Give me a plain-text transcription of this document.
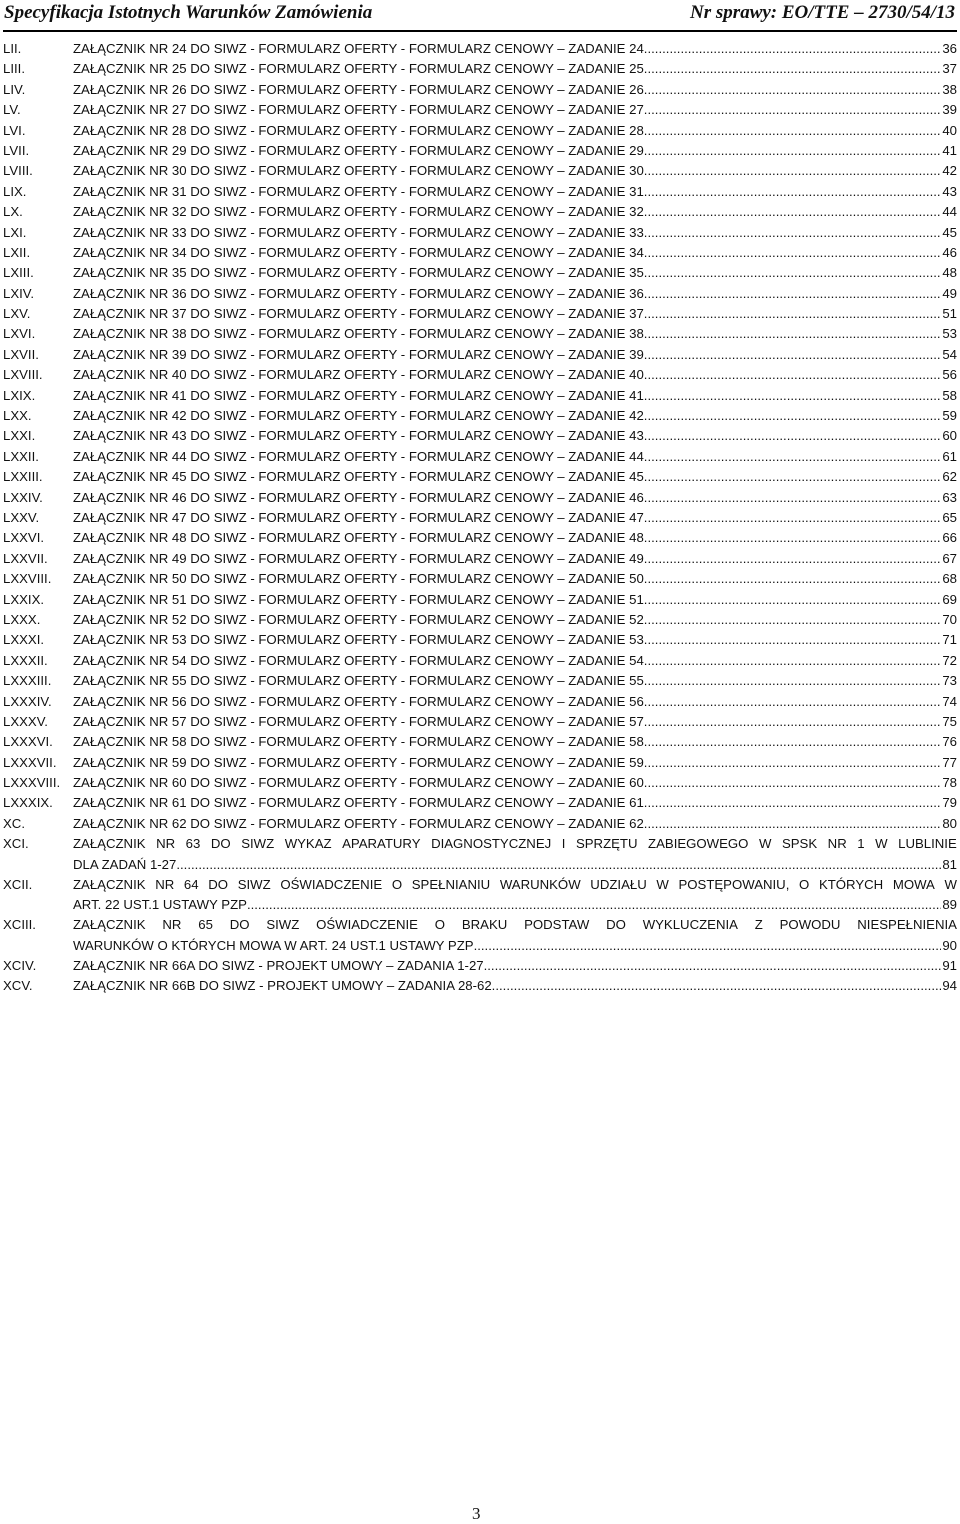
Specyfikacja Istotnych Warunków Zamówienia	Nr sprawy: EO/TTE – 2730/54/13
LII.	ZAŁĄCZNIK NR 24 DO SIWZ - FORMULARZ OFERTY - FORMULARZ CENOWY – ZADANIE 24. .....	36
LIII.	ZAŁĄCZNIK NR 25 DO SIWZ - FORMULARZ OFERTY - FORMULARZ CENOWY – ZADANIE 25. .....	37
LIV.	ZAŁĄCZNIK NR 26 DO SIWZ - FORMULARZ OFERTY - FORMULARZ CENOWY – ZADANIE 26. .....	38
LV.	ZAŁĄCZNIK NR 27 DO SIWZ - FORMULARZ OFERTY - FORMULARZ CENOWY – ZADANIE 27. .....	39
LVI.	ZAŁĄCZNIK NR 28 DO SIWZ - FORMULARZ OFERTY - FORMULARZ CENOWY – ZADANIE 28. .....	40
LVII.	ZAŁĄCZNIK NR 29 DO SIWZ - FORMULARZ OFERTY - FORMULARZ CENOWY – ZADANIE 29. .....	41
LVIII.	ZAŁĄCZNIK NR 30 DO SIWZ - FORMULARZ OFERTY - FORMULARZ CENOWY – ZADANIE 30. .....	42
LIX.	ZAŁĄCZNIK NR 31 DO SIWZ - FORMULARZ OFERTY - FORMULARZ CENOWY – ZADANIE 31. .....	43
LX.	ZAŁĄCZNIK NR 32 DO SIWZ - FORMULARZ OFERTY - FORMULARZ CENOWY – ZADANIE 32. .....	44
LXI.	ZAŁĄCZNIK NR 33 DO SIWZ - FORMULARZ OFERTY - FORMULARZ CENOWY – ZADANIE 33. .....	45
LXII.	ZAŁĄCZNIK NR 34 DO SIWZ - FORMULARZ OFERTY - FORMULARZ CENOWY – ZADANIE 34. .....	46
LXIII.	ZAŁĄCZNIK NR 35 DO SIWZ - FORMULARZ OFERTY - FORMULARZ CENOWY – ZADANIE 35. .....	48
LXIV.	ZAŁĄCZNIK NR 36 DO SIWZ - FORMULARZ OFERTY - FORMULARZ CENOWY – ZADANIE 36. .....	49
LXV.	ZAŁĄCZNIK NR 37 DO SIWZ - FORMULARZ OFERTY - FORMULARZ CENOWY – ZADANIE 37. .....	51
LXVI.	ZAŁĄCZNIK NR 38 DO SIWZ - FORMULARZ OFERTY - FORMULARZ CENOWY – ZADANIE 38. .....	53
LXVII.	ZAŁĄCZNIK NR 39 DO SIWZ - FORMULARZ OFERTY - FORMULARZ CENOWY – ZADANIE 39. .....	54
LXVIII. ZAŁĄCZNIK NR 40 DO SIWZ - FORMULARZ OFERTY - FORMULARZ CENOWY – ZADANIE 40. .....	56
LXIX.	ZAŁĄCZNIK NR 41 DO SIWZ - FORMULARZ OFERTY - FORMULARZ CENOWY – ZADANIE 41. .....	58
LXX.	ZAŁĄCZNIK NR 42 DO SIWZ - FORMULARZ OFERTY - FORMULARZ CENOWY – ZADANIE 42. .....	59
LXXI.	ZAŁĄCZNIK NR 43 DO SIWZ - FORMULARZ OFERTY - FORMULARZ CENOWY – ZADANIE 43. .....	60
LXXII.	ZAŁĄCZNIK NR 44 DO SIWZ - FORMULARZ OFERTY - FORMULARZ CENOWY – ZADANIE 44. .....	61
LXXIII. ZAŁĄCZNIK NR 45 DO SIWZ - FORMULARZ OFERTY - FORMULARZ CENOWY – ZADANIE 45. .....	62
LXXIV. ZAŁĄCZNIK NR 46 DO SIWZ - FORMULARZ OFERTY - FORMULARZ CENOWY – ZADANIE 46. .....	63
LXXV.	ZAŁĄCZNIK NR 47 DO SIWZ - FORMULARZ OFERTY - FORMULARZ CENOWY – ZADANIE 47. .....	65
LXXVI. ZAŁĄCZNIK NR 48 DO SIWZ - FORMULARZ OFERTY - FORMULARZ CENOWY – ZADANIE 48. .....	66
LXXVII. ZAŁĄCZNIK NR 49 DO SIWZ - FORMULARZ OFERTY - FORMULARZ CENOWY – ZADANIE 49. .....	67
LXXVIII. ZAŁĄCZNIK NR 50 DO SIWZ - FORMULARZ OFERTY - FORMULARZ CENOWY – ZADANIE 50. .....	68
LXXIX. ZAŁĄCZNIK NR 51 DO SIWZ - FORMULARZ OFERTY - FORMULARZ CENOWY – ZADANIE 51. .....	69
LXXX. ZAŁĄCZNIK NR 52 DO SIWZ - FORMULARZ OFERTY - FORMULARZ CENOWY – ZADANIE 52. .....	70
LXXXI. ZAŁĄCZNIK NR 53 DO SIWZ - FORMULARZ OFERTY - FORMULARZ CENOWY – ZADANIE 53. .....	71
LXXXII. ZAŁĄCZNIK NR 54 DO SIWZ - FORMULARZ OFERTY - FORMULARZ CENOWY – ZADANIE 54. .....	72
LXXXIII. ZAŁĄCZNIK NR 55 DO SIWZ - FORMULARZ OFERTY - FORMULARZ CENOWY – ZADANIE 55. .....	73
LXXXIV. ZAŁĄCZNIK NR 56 DO SIWZ - FORMULARZ OFERTY - FORMULARZ CENOWY – ZADANIE 56. .....	74
LXXXV. ZAŁĄCZNIK NR 57 DO SIWZ - FORMULARZ OFERTY - FORMULARZ CENOWY – ZADANIE 57. .....	75
LXXXVI. ZAŁĄCZNIK NR 58 DO SIWZ - FORMULARZ OFERTY - FORMULARZ CENOWY – ZADANIE 58. .....	76
LXXXVII. ZAŁĄCZNIK NR 59 DO SIWZ - FORMULARZ OFERTY - FORMULARZ CENOWY – ZADANIE 59. .....	77
LXXXVIII. ZAŁĄCZNIK NR 60 DO SIWZ - FORMULARZ OFERTY - FORMULARZ CENOWY – ZADANIE 60. .....	78
LXXXIX. ZAŁĄCZNIK NR 61 DO SIWZ - FORMULARZ OFERTY - FORMULARZ CENOWY – ZADANIE 61. .....	79
XC.	ZAŁĄCZNIK NR 62 DO SIWZ - FORMULARZ OFERTY - FORMULARZ CENOWY – ZADANIE 62. .....	80
XCI.	ZAŁĄCZNIK NR 63 DO SIWZ WYKAZ APARATURY DIAGNOSTYCZNEJ I SPRZĘTU ZABIEGOWEGO W SPSK NR 1 W LUBLINIE
DLA ZADAŃ 1-27 .....	81
XCII.	ZAŁĄCZNIK NR 64 DO SIWZ OŚWIADCZENIE O SPEŁNIANIU WARUNKÓW UDZIAŁU W POSTĘPOWANIU, O KTÓRYCH MOWA W
ART. 22 UST.1 USTAWY PZP .....	89
XCIII.	ZAŁĄCZNIK NR 65 DO SIWZ OŚWIADCZENIE O BRAKU PODSTAW DO WYKLUCZENIA Z POWODU NIESPEŁNIENIA
WARUNKÓW O KTÓRYCH MOWA W ART. 24 UST.1 USTAWY PZP .....	90
XCIV.	ZAŁĄCZNIK NR 66A DO SIWZ - PROJEKT UMOWY – ZADANIA 1-27 .....	91
XCV.	ZAŁĄCZNIK NR 66B DO SIWZ - PROJEKT UMOWY – ZADANIA 28-62 .....	94
3
